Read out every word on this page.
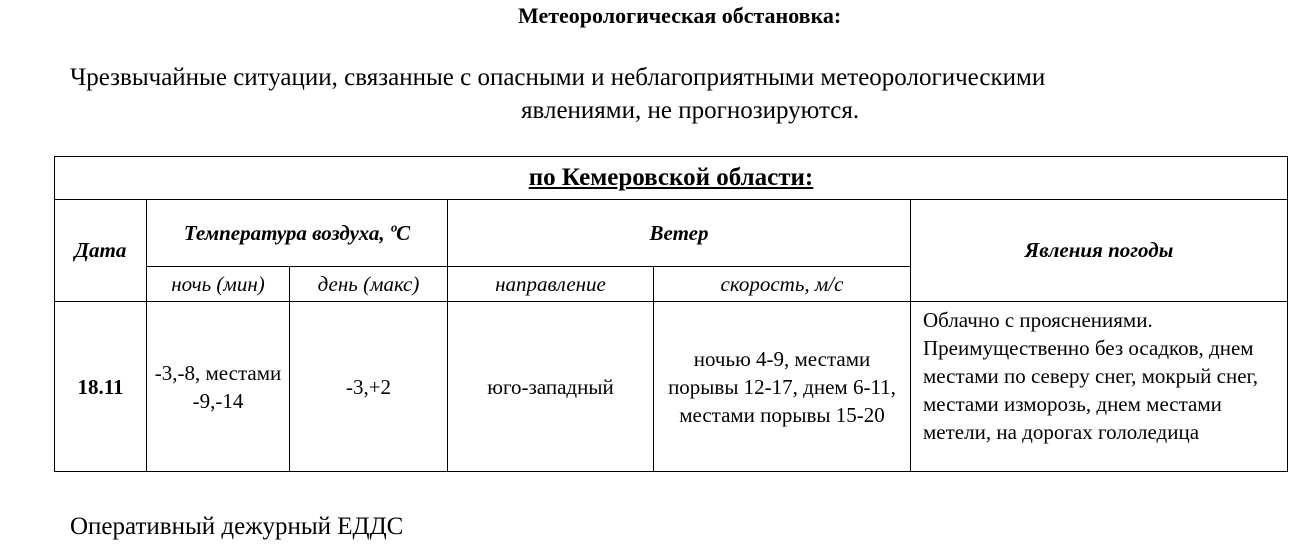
Метеорологическая обстановка:
Чрезвычайные ситуации, связанные с опасными и неблагоприятными метеорологическими
явлениями, не прогнозируются.
по Кемеровской области:					
Дата	Температура воздуха, ºC		Ветер		Явления погоды
	ночь (мин)	день (макс)	направление	скорость, м/с	
18.11	-3,-8, местами -9,-14	-3,+2	юго-западный	ночью 4-9, местами порывы 12-17, днем 6-11, местами порывы 15-20	Облачно с прояснениями. Преимущественно без осадков, днем местами по северу снег, мокрый снег, местами изморозь, днем местами метели, на дорогах гололедица
Оперативный дежурный ЕДДС
